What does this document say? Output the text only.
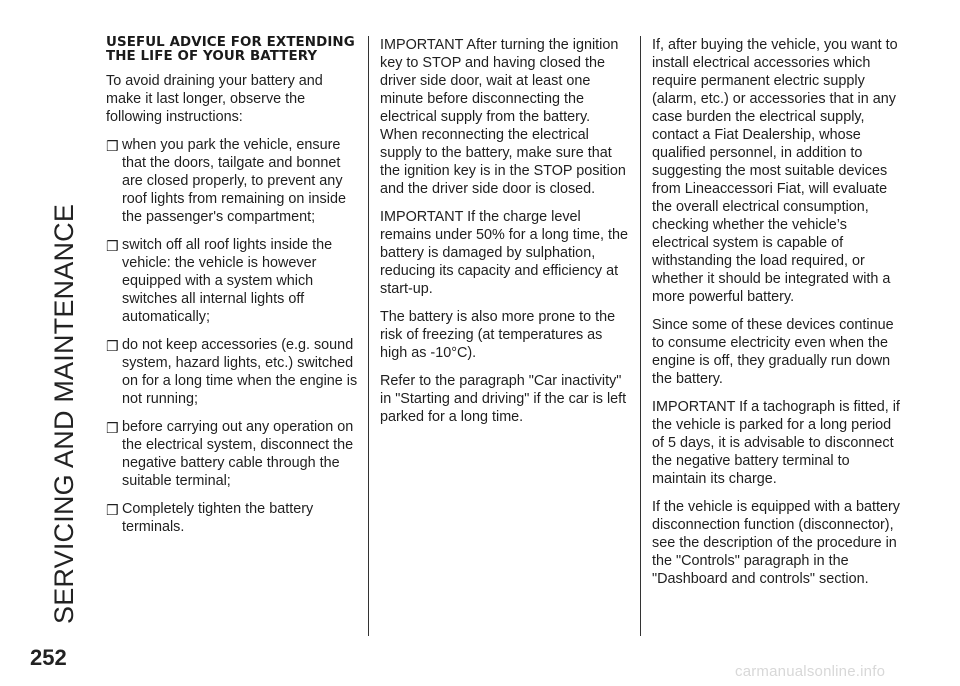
SERVICING AND MAINTENANCE
USEFUL ADVICE FOR EXTENDING THE LIFE OF YOUR BATTERY

To avoid draining your battery and make it last longer, observe the following instructions:

❒ when you park the vehicle, ensure that the doors, tailgate and bonnet are closed properly, to prevent any roof lights from remaining on inside the passenger's compartment;
❒ switch off all roof lights inside the vehicle: the vehicle is however equipped with a system which switches all internal lights off automatically;
❒ do not keep accessories (e.g. sound system, hazard lights, etc.) switched on for a long time when the engine is not running;
❒ before carrying out any operation on the electrical system, disconnect the negative battery cable through the suitable terminal;
❒ Completely tighten the battery terminals.

IMPORTANT After turning the ignition key to STOP and having closed the driver side door, wait at least one minute before disconnecting the electrical supply from the battery. When reconnecting the electrical supply to the battery, make sure that the ignition key is in the STOP position and the driver side door is closed.

IMPORTANT If the charge level remains under 50% for a long time, the battery is damaged by sulphation, reducing its capacity and efficiency at start-up.

The battery is also more prone to the risk of freezing (at temperatures as high as -10°C).

Refer to the paragraph "Car inactivity" in "Starting and driving" if the car is left parked for a long time.

If, after buying the vehicle, you want to install electrical accessories which require permanent electric supply (alarm, etc.) or accessories that in any case burden the electrical supply, contact a Fiat Dealership, whose qualified personnel, in addition to suggesting the most suitable devices from Lineaccessori Fiat, will evaluate the overall electrical consumption, checking whether the vehicle’s electrical system is capable of withstanding the load required, or whether it should be integrated with a more powerful battery.

Since some of these devices continue to consume electricity even when the engine is off, they gradually run down the battery.

IMPORTANT If a tachograph is fitted, if the vehicle is parked for a long period of 5 days, it is advisable to disconnect the negative battery terminal to maintain its charge.

If the vehicle is equipped with a battery disconnection function (disconnector), see the description of the procedure in the "Controls" paragraph in the "Dashboard and controls" section.

252
carmanualsonline.info
